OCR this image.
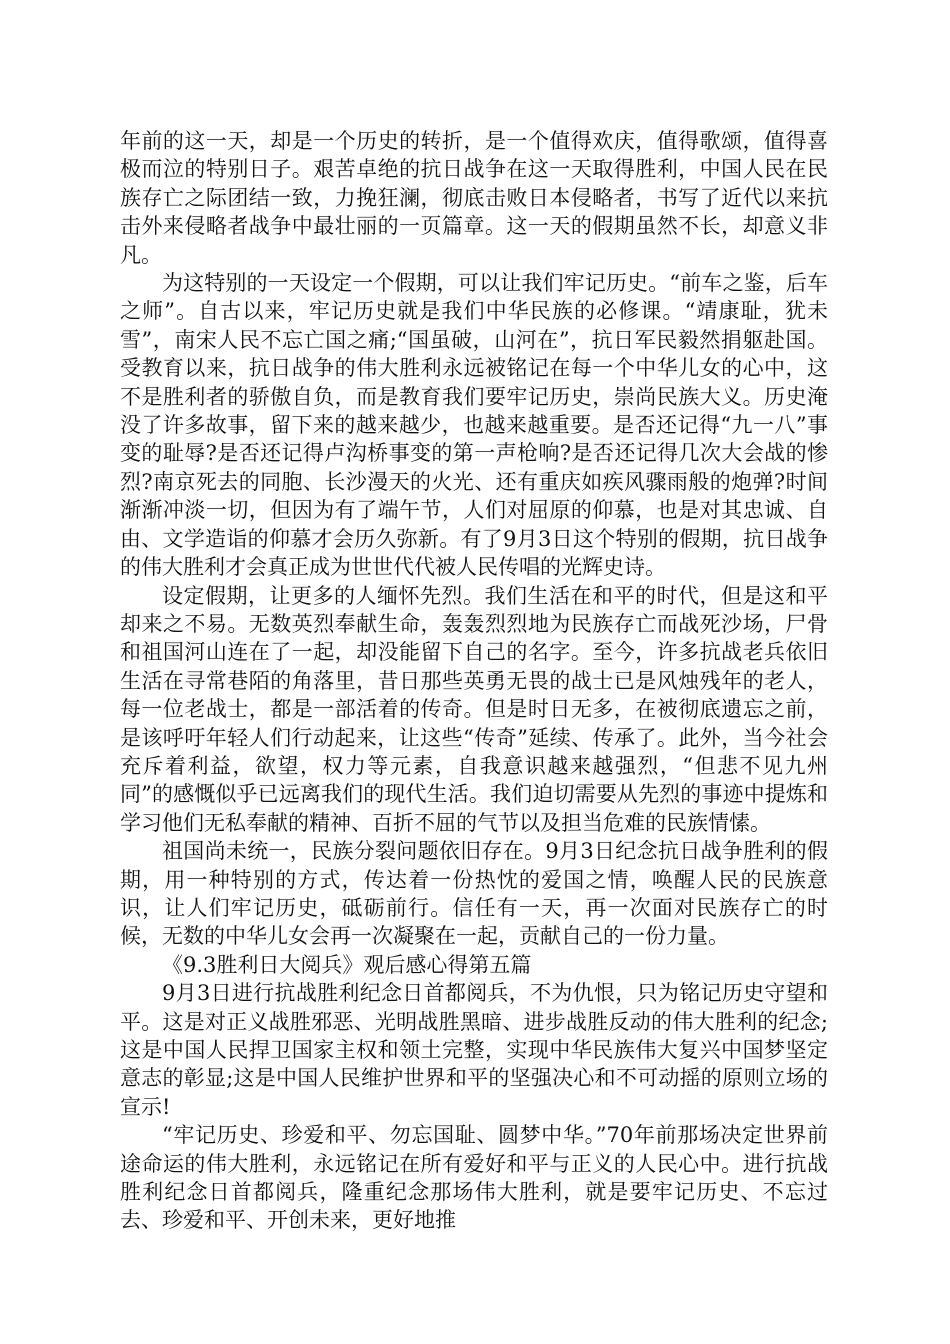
年前的这一天，却是一个历史的转折，是一个值得欢庆，值得歌颂，值得喜极而泣的特别日子。艰苦卓绝的抗日战争在这一天取得胜利，中国人民在民族存亡之际团结一致，力挽狂澜，彻底击败日本侵略者，书写了近代以来抗击外来侵略者战争中最壮丽的一页篇章。这一天的假期虽然不长，却意义非凡。

为这特别的一天设定一个假期，可以让我们牢记历史。“前车之鉴，后车之师”。自古以来，牢记历史就是我们中华民族的必修课。“靖康耻，犹未雪”，南宋人民不忘亡国之痛;“国虽破，山河在”，抗日军民毅然捐躯赴国。受教育以来，抗日战争的伟大胜利永远被铭记在每一个中华儿女的心中，这不是胜利者的骄傲自负，而是教育我们要牢记历史，崇尚民族大义。历史淹没了许多故事，留下来的越来越少，也越来越重要。是否还记得“九一八”事变的耻辱?是否还记得卢沟桥事变的第一声枪响?是否还记得几次大会战的惨烈?南京死去的同胞、长沙漫天的火光、还有重庆如疾风骤雨般的炮弹?时间渐渐冲淡一切，但因为有了端午节，人们对屈原的仰慕，也是对其忠诚、自由、文学造诣的仰慕才会历久弥新。有了9月3日这个特别的假期，抗日战争的伟大胜利才会真正成为世世代代被人民传唱的光辉史诗。

设定假期，让更多的人缅怀先烈。我们生活在和平的时代，但是这和平却来之不易。无数英烈奉献生命，轰轰烈烈地为民族存亡而战死沙场，尸骨和祖国河山连在了一起，却没能留下自己的名字。至今，许多抗战老兵依旧生活在寻常巷陌的角落里，昔日那些英勇无畏的战士已是风烛残年的老人，每一位老战士，都是一部活着的传奇。但是时日无多，在被彻底遗忘之前，是该呼吁年轻人们行动起来，让这些“传奇”延续、传承了。此外，当今社会充斥着利益，欲望，权力等元素，自我意识越来越强烈，“但悲不见九州同”的感慨似乎已远离我们的现代生活。我们迫切需要从先烈的事迹中提炼和学习他们无私奉献的精神、百折不屈的气节以及担当危难的民族情愫。

祖国尚未统一，民族分裂问题依旧存在。9月3日纪念抗日战争胜利的假期，用一种特别的方式，传达着一份热忱的爱国之情，唤醒人民的民族意识，让人们牢记历史，砥砺前行。信任有一天，再一次面对民族存亡的时候，无数的中华儿女会再一次凝聚在一起，贡献自己的一份力量。

《9.3胜利日大阅兵》观后感心得第五篇

9月3日进行抗战胜利纪念日首都阅兵，不为仇恨，只为铭记历史守望和平。这是对正义战胜邪恶、光明战胜黑暗、进步战胜反动的伟大胜利的纪念;这是中国人民捍卫国家主权和领土完整，实现中华民族伟大复兴中国梦坚定意志的彰显;这是中国人民维护世界和平的坚强决心和不可动摇的原则立场的宣示!

“牢记历史、珍爱和平、勿忘国耻、圆梦中华。”70年前那场决定世界前途命运的伟大胜利，永远铭记在所有爱好和平与正义的人民心中。进行抗战胜利纪念日首都阅兵，隆重纪念那场伟大胜利，就是要牢记历史、不忘过去、珍爱和平、开创未来，更好地推
